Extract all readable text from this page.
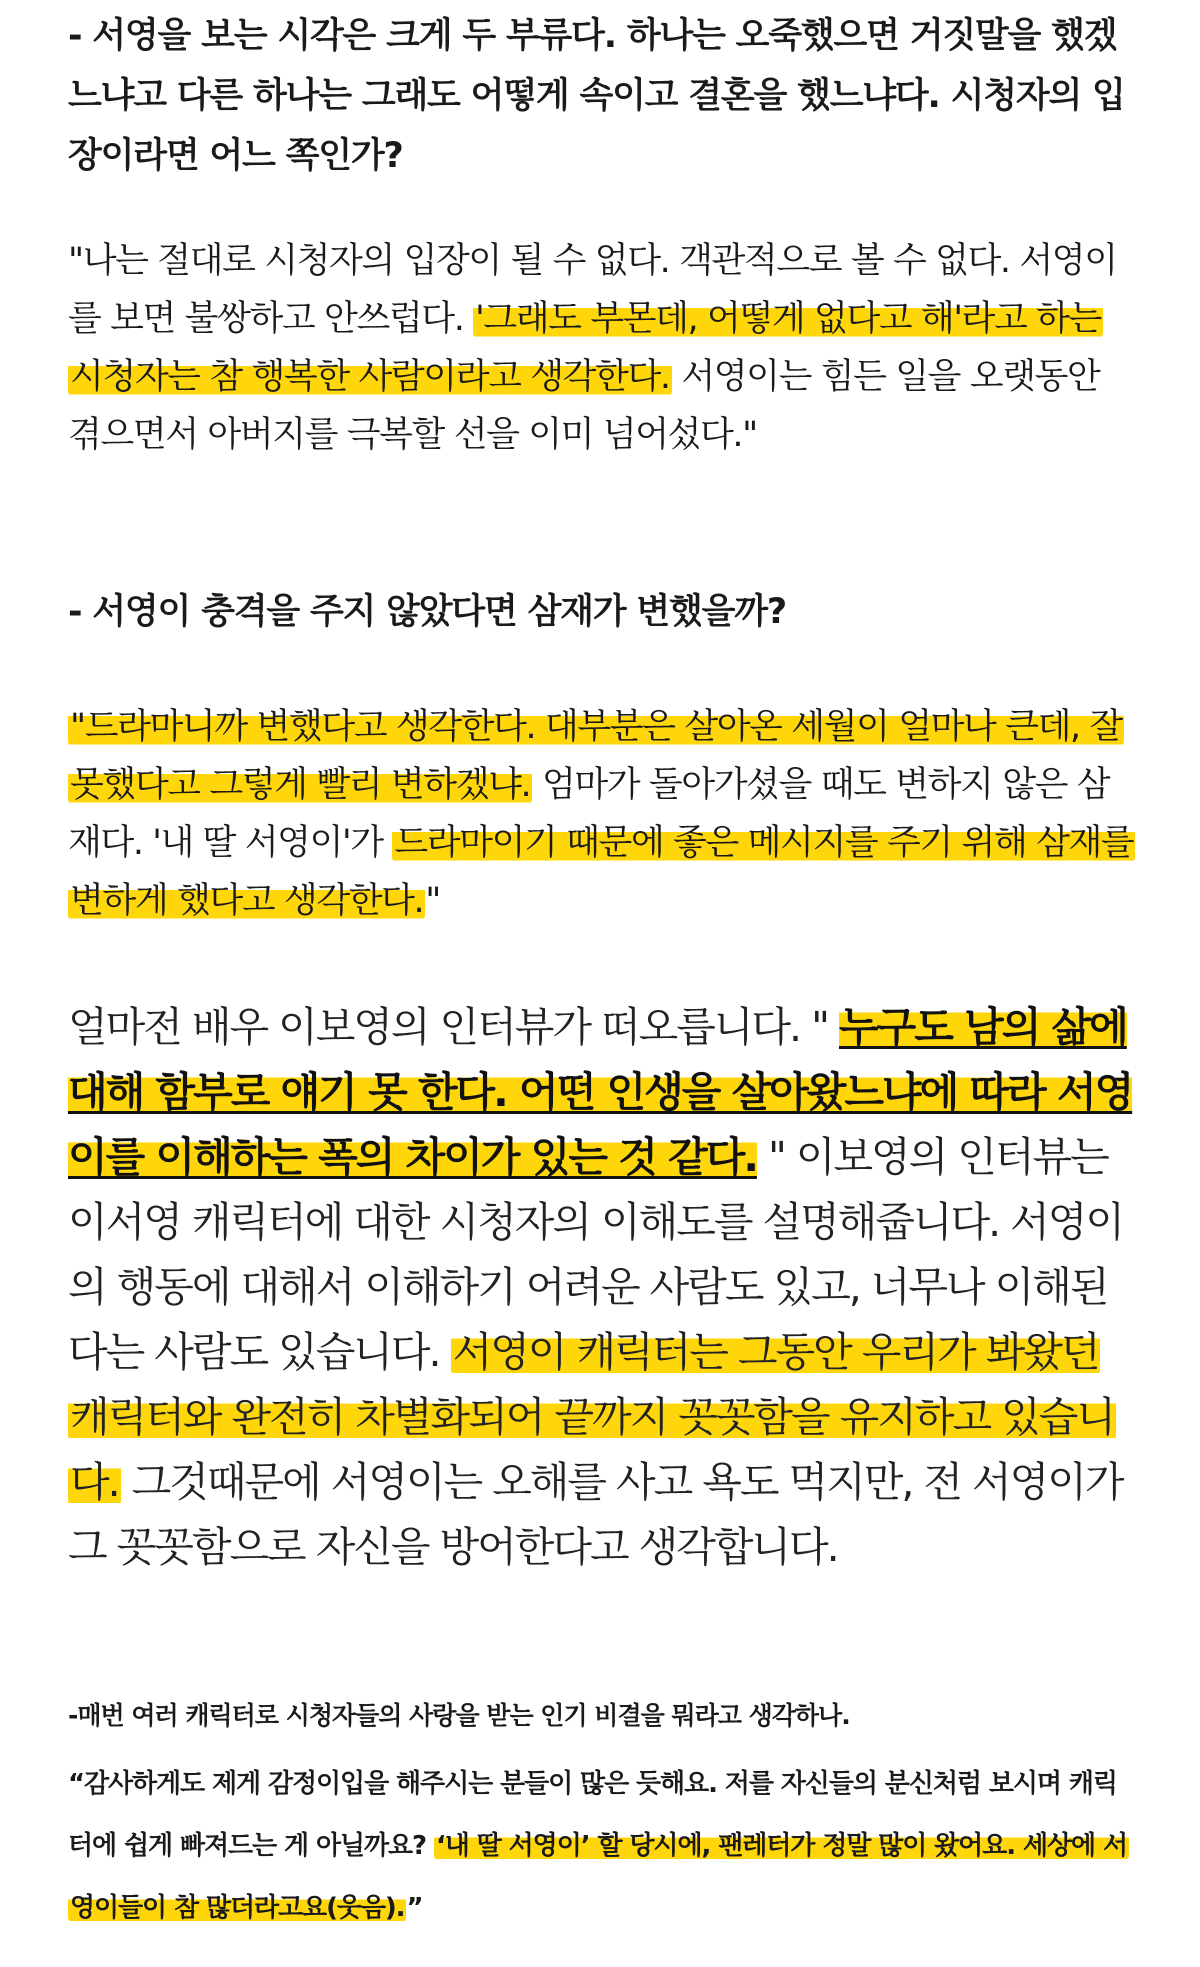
- 서영을 보는 시각은 크게 두 부류다. 하나는 오죽했으면 거짓말을 했겠느냐고 다른 하나는 그래도 어떻게 속이고 결혼을 했느냐다. 시청자의 입장이라면 어느 쪽인가?

"나는 절대로 시청자의 입장이 될 수 없다. 객관적으로 볼 수 없다. 서영이를 보면 불쌍하고 안쓰럽다. '그래도 부몬데, 어떻게 없다고 해'라고 하는 시청자는 참 행복한 사람이라고 생각한다. 서영이는 힘든 일을 오랫동안 겪으면서 아버지를 극복할 선을 이미 넘어섰다."

- 서영이 충격을 주지 않았다면 삼재가 변했을까?

"드라마니까 변했다고 생각한다. 대부분은 살아온 세월이 얼마나 큰데, 잘못했다고 그렇게 빨리 변하겠냐. 엄마가 돌아가셨을 때도 변하지 않은 삼재다. '내 딸 서영이'가 드라마이기 때문에 좋은 메시지를 주기 위해 삼재를 변하게 했다고 생각한다."

얼마전 배우 이보영의 인터뷰가 떠오릅니다. " 누구도 남의 삶에 대해 함부로 얘기 못 한다. 어떤 인생을 살아왔느냐에 따라 서영이를 이해하는 폭의 차이가 있는 것 같다. " 이보영의 인터뷰는 이서영 캐릭터에 대한 시청자의 이해도를 설명해줍니다. 서영이의 행동에 대해서 이해하기 어려운 사람도 있고, 너무나 이해된다는 사람도 있습니다. 서영이 캐릭터는 그동안 우리가 봐왔던 캐릭터와 완전히 차별화되어 끝까지 꼿꼿함을 유지하고 있습니다. 그것때문에 서영이는 오해를 사고 욕도 먹지만, 전 서영이가 그 꼿꼿함으로 자신을 방어한다고 생각합니다.

-매번 여러 캐릭터로 시청자들의 사랑을 받는 인기 비결을 뭐라고 생각하나.

“감사하게도 제게 감정이입을 해주시는 분들이 많은 듯해요. 저를 자신들의 분신처럼 보시며 캐릭터에 쉽게 빠져드는 게 아닐까요? ‘내 딸 서영이’ 할 당시에, 팬레터가 정말 많이 왔어요. 세상에 서영이들이 참 많더라고요(웃음).”
